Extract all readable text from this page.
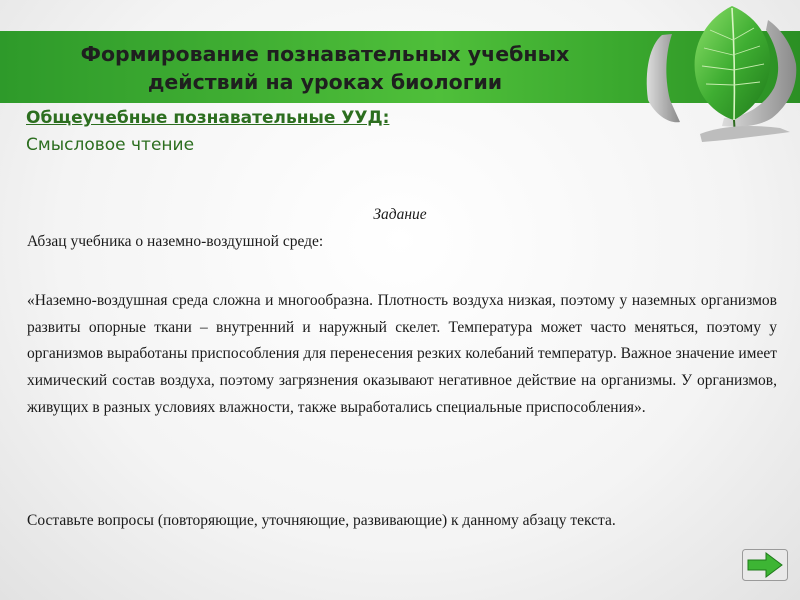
Формирование познавательных учебных действий на уроках биологии
Общеучебные познавательные УУД:
Смысловое чтение
Задание
Абзац учебника о наземно-воздушной среде:

«Наземно-воздушная среда сложна и многообразна. Плотность воздуха низкая, поэтому у наземных организмов развиты опорные ткани – внутренний и наружный скелет. Температура может часто меняться, поэтому у организмов выработаны приспособления для перенесения резких колебаний температур. Важное значение имеет химический состав воздуха, поэтому загрязнения оказывают негативное действие на организмы. У организмов, живущих в разных условиях влажности, также выработались специальные приспособления».

Составьте вопросы (повторяющие, уточняющие, развивающие) к данному абзацу текста.
